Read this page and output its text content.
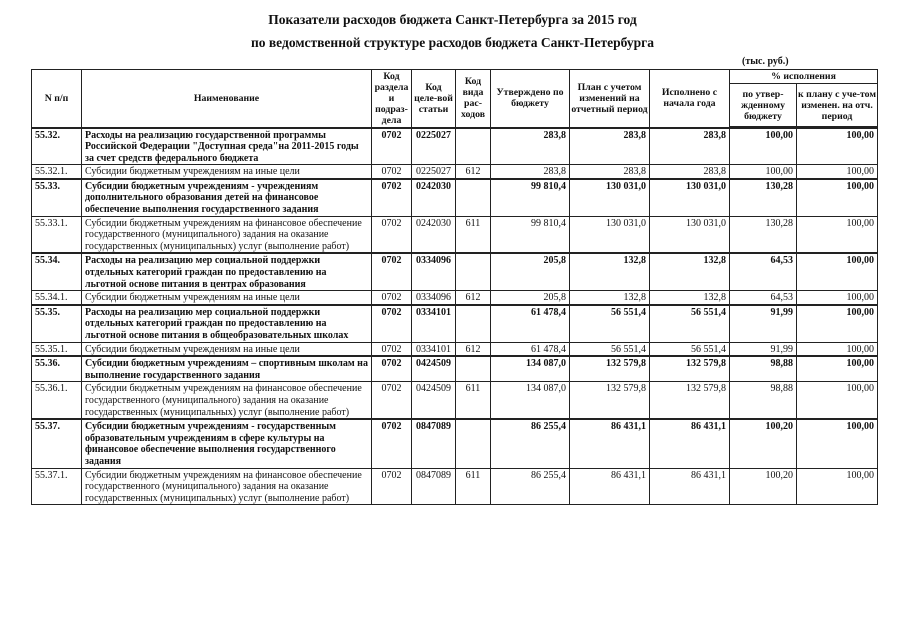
Показатели расходов бюджета Санкт-Петербурга за 2015 год
по ведомственной структуре расходов бюджета Санкт-Петербурга
(тыс. руб.)
N п/п	Наименование	Код раздела и подраз-дела	Код целе-вой статьи	Код вида рас-ходов	Утверждено по бюджету	План с учетом изменений на отчетный период	Исполнено с начала года	% исполнения	
								по утвер-жденному бюджету	к плану с уче-том изменен. на отч. период
55.32.	Расходы на реализацию государственной программы Российской Федерации "Доступная среда"на 2011-2015 годы за счет средств федерального бюджета	0702	0225027		283,8	283,8	283,8	100,00	100,00
55.32.1.	Субсидии бюджетным учреждениям на иные цели	0702	0225027	612	283,8	283,8	283,8	100,00	100,00
55.33.	Субсидии бюджетным учреждениям - учреждениям дополнительного образования детей на финансовое обеспечение выполнения государственного задания	0702	0242030		99 810,4	130 031,0	130 031,0	130,28	100,00
55.33.1.	Субсидии бюджетным учреждениям на финансовое обеспечение государственного (муниципального) задания на оказание государственных (муниципальных) услуг (выполнение работ)	0702	0242030	611	99 810,4	130 031,0	130 031,0	130,28	100,00
55.34.	Расходы на реализацию мер социальной поддержки отдельных категорий граждан по предоставлению на льготной основе питания в центрах образования	0702	0334096		205,8	132,8	132,8	64,53	100,00
55.34.1.	Субсидии бюджетным учреждениям на иные цели	0702	0334096	612	205,8	132,8	132,8	64,53	100,00
55.35.	Расходы на реализацию мер социальной поддержки отдельных категорий граждан по предоставлению на льготной основе питания в общеобразовательных школах	0702	0334101		61 478,4	56 551,4	56 551,4	91,99	100,00
55.35.1.	Субсидии бюджетным учреждениям на иные цели	0702	0334101	612	61 478,4	56 551,4	56 551,4	91,99	100,00
55.36.	Субсидии бюджетным учреждениям – спортивным школам на выполнение государственного задания	0702	0424509		134 087,0	132 579,8	132 579,8	98,88	100,00
55.36.1.	Субсидии бюджетным учреждениям на финансовое обеспечение государственного (муниципального) задания на оказание государственных (муниципальных) услуг (выполнение работ)	0702	0424509	611	134 087,0	132 579,8	132 579,8	98,88	100,00
55.37.	Субсидии бюджетным учреждениям - государственным образовательным учреждениям в сфере культуры на финансовое обеспечение выполнения государственного задания	0702	0847089		86 255,4	86 431,1	86 431,1	100,20	100,00
55.37.1.	Субсидии бюджетным учреждениям на финансовое обеспечение государственного (муниципального) задания на оказание государственных (муниципальных) услуг (выполнение работ)	0702	0847089	611	86 255,4	86 431,1	86 431,1	100,20	100,00
